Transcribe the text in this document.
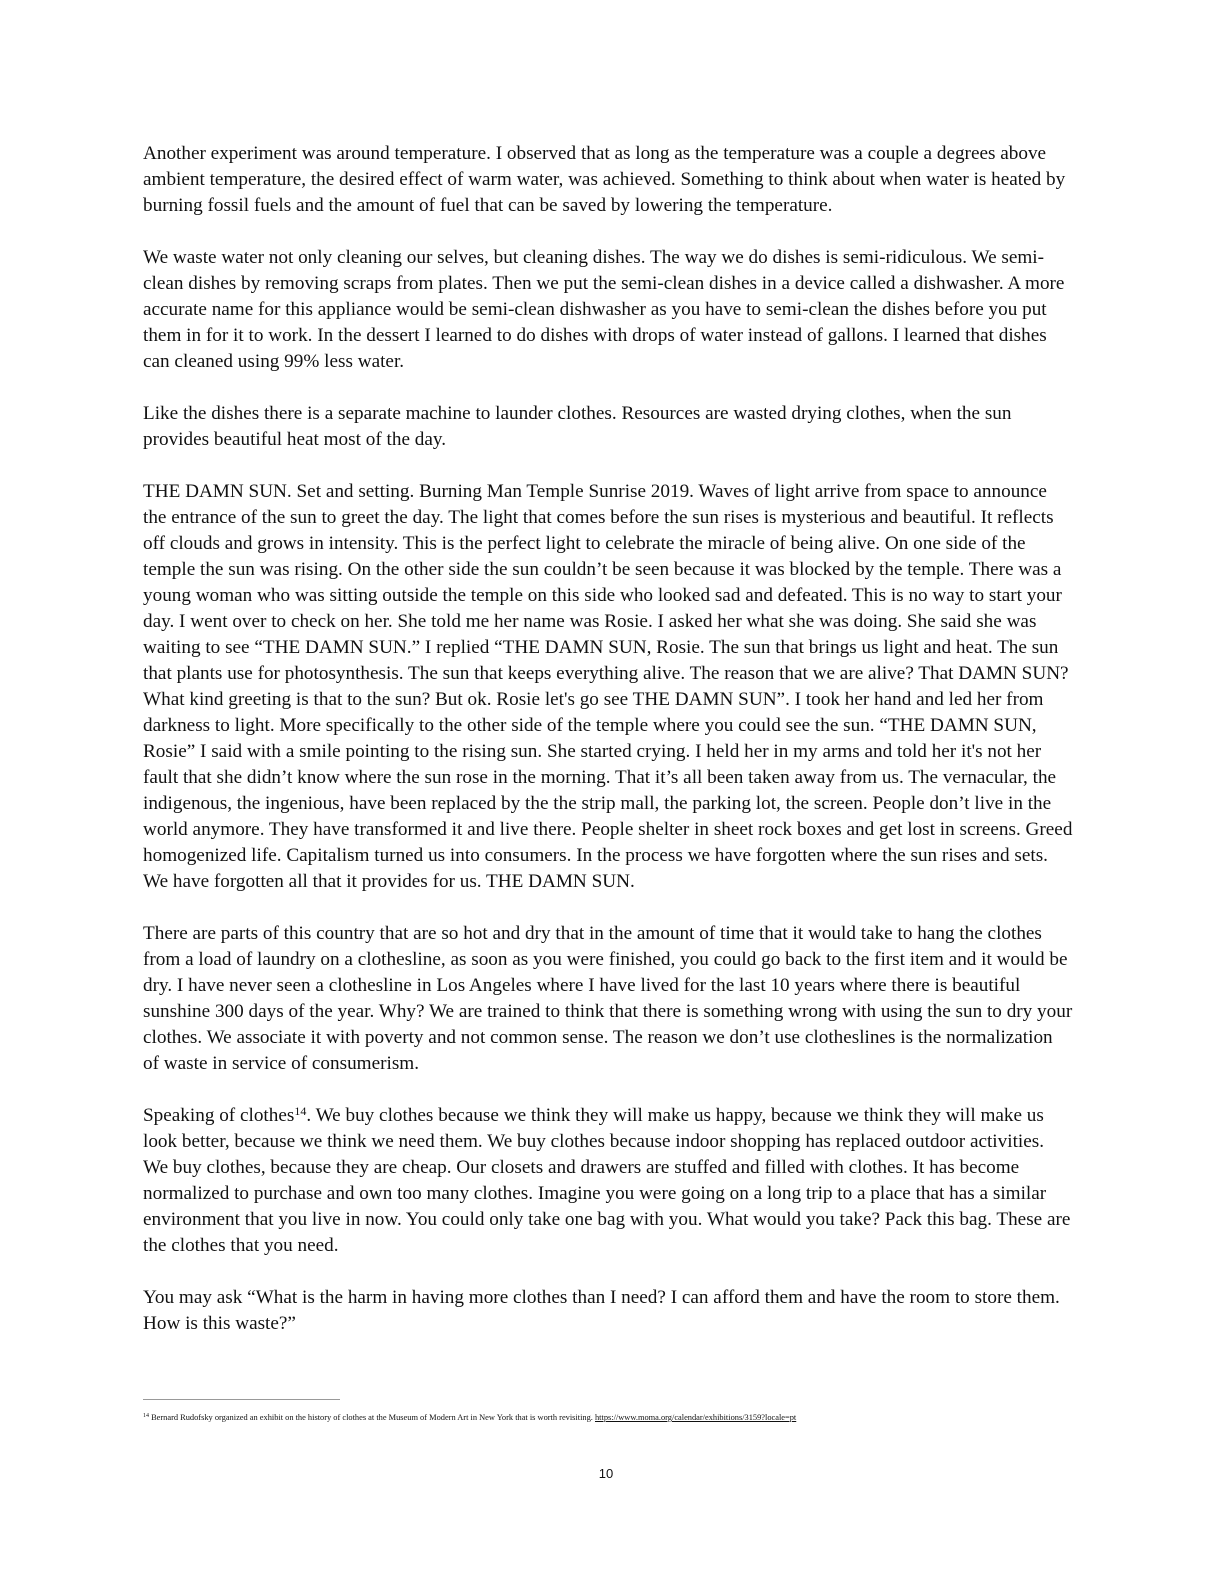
Another experiment was around temperature. I observed that as long as the temperature was a couple a degrees above ambient temperature, the desired effect of warm water, was achieved. Something to think about when water is heated by burning fossil fuels and the amount of fuel that can be saved by lowering the temperature.

We waste water not only cleaning our selves, but cleaning dishes. The way we do dishes is semi-ridiculous. We semi-clean dishes by removing scraps from plates. Then we put the semi-clean dishes in a device called a dishwasher. A more accurate name for this appliance would be semi-clean dishwasher as you have to semi-clean the dishes before you put them in for it to work. In the dessert I learned to do dishes with drops of water instead of gallons. I learned that dishes can cleaned using 99% less water.

Like the dishes there is a separate machine to launder clothes. Resources are wasted drying clothes, when the sun provides beautiful heat most of the day.

THE DAMN SUN. Set and setting. Burning Man Temple Sunrise 2019. Waves of light arrive from space to announce the entrance of the sun to greet the day. The light that comes before the sun rises is mysterious and beautiful. It reflects off clouds and grows in intensity. This is the perfect light to celebrate the miracle of being alive. On one side of the temple the sun was rising. On the other side the sun couldn’t be seen because it was blocked by the temple. There was a young woman who was sitting outside the temple on this side who looked sad and defeated. This is no way to start your day. I went over to check on her. She told me her name was Rosie. I asked her what she was doing. She said she was waiting to see “THE DAMN SUN.” I replied “THE DAMN SUN, Rosie. The sun that brings us light and heat. The sun that plants use for photosynthesis. The sun that keeps everything alive. The reason that we are alive? That DAMN SUN? What kind greeting is that to the sun? But ok. Rosie let's go see THE DAMN SUN”. I took her hand and led her from darkness to light. More specifically to the other side of the temple where you could see the sun. “THE DAMN SUN, Rosie” I said with a smile pointing to the rising sun. She started crying. I held her in my arms and told her it's not her fault that she didn’t know where the sun rose in the morning. That it’s all been taken away from us. The vernacular, the indigenous, the ingenious, have been replaced by the the strip mall, the parking lot, the screen. People don’t live in the world anymore. They have transformed it and live there. People shelter in sheet rock boxes and get lost in screens. Greed homogenized life. Capitalism turned us into consumers. In the process we have forgotten where the sun rises and sets. We have forgotten all that it provides for us. THE DAMN SUN.

There are parts of this country that are so hot and dry that in the amount of time that it would take to hang the clothes from a load of laundry on a clothesline, as soon as you were finished, you could go back to the first item and it would be dry. I have never seen a clothesline in Los Angeles where I have lived for the last 10 years where there is beautiful sunshine 300 days of the year. Why? We are trained to think that there is something wrong with using the sun to dry your clothes. We associate it with poverty and not common sense. The reason we don’t use clotheslines is the normalization of waste in service of consumerism.

Speaking of clothes$^{14}$. We buy clothes because we think they will make us happy, because we think they will make us look better, because we think we need them. We buy clothes because indoor shopping has replaced outdoor activities. We buy clothes, because they are cheap. Our closets and drawers are stuffed and filled with clothes. It has become normalized to purchase and own too many clothes. Imagine you were going on a long trip to a place that has a similar environment that you live in now. You could only take one bag with you. What would you take? Pack this bag. These are the clothes that you need.

You may ask “What is the harm in having more clothes than I need? I can afford them and have the room to store them. How is this waste?”

$^{14}$ Bernard Rudofsky organized an exhibit on the history of clothes at the Museum of Modern Art in New York that is worth revisiting. https://www.moma.org/calendar/exhibitions/3159?locale=pt
10
